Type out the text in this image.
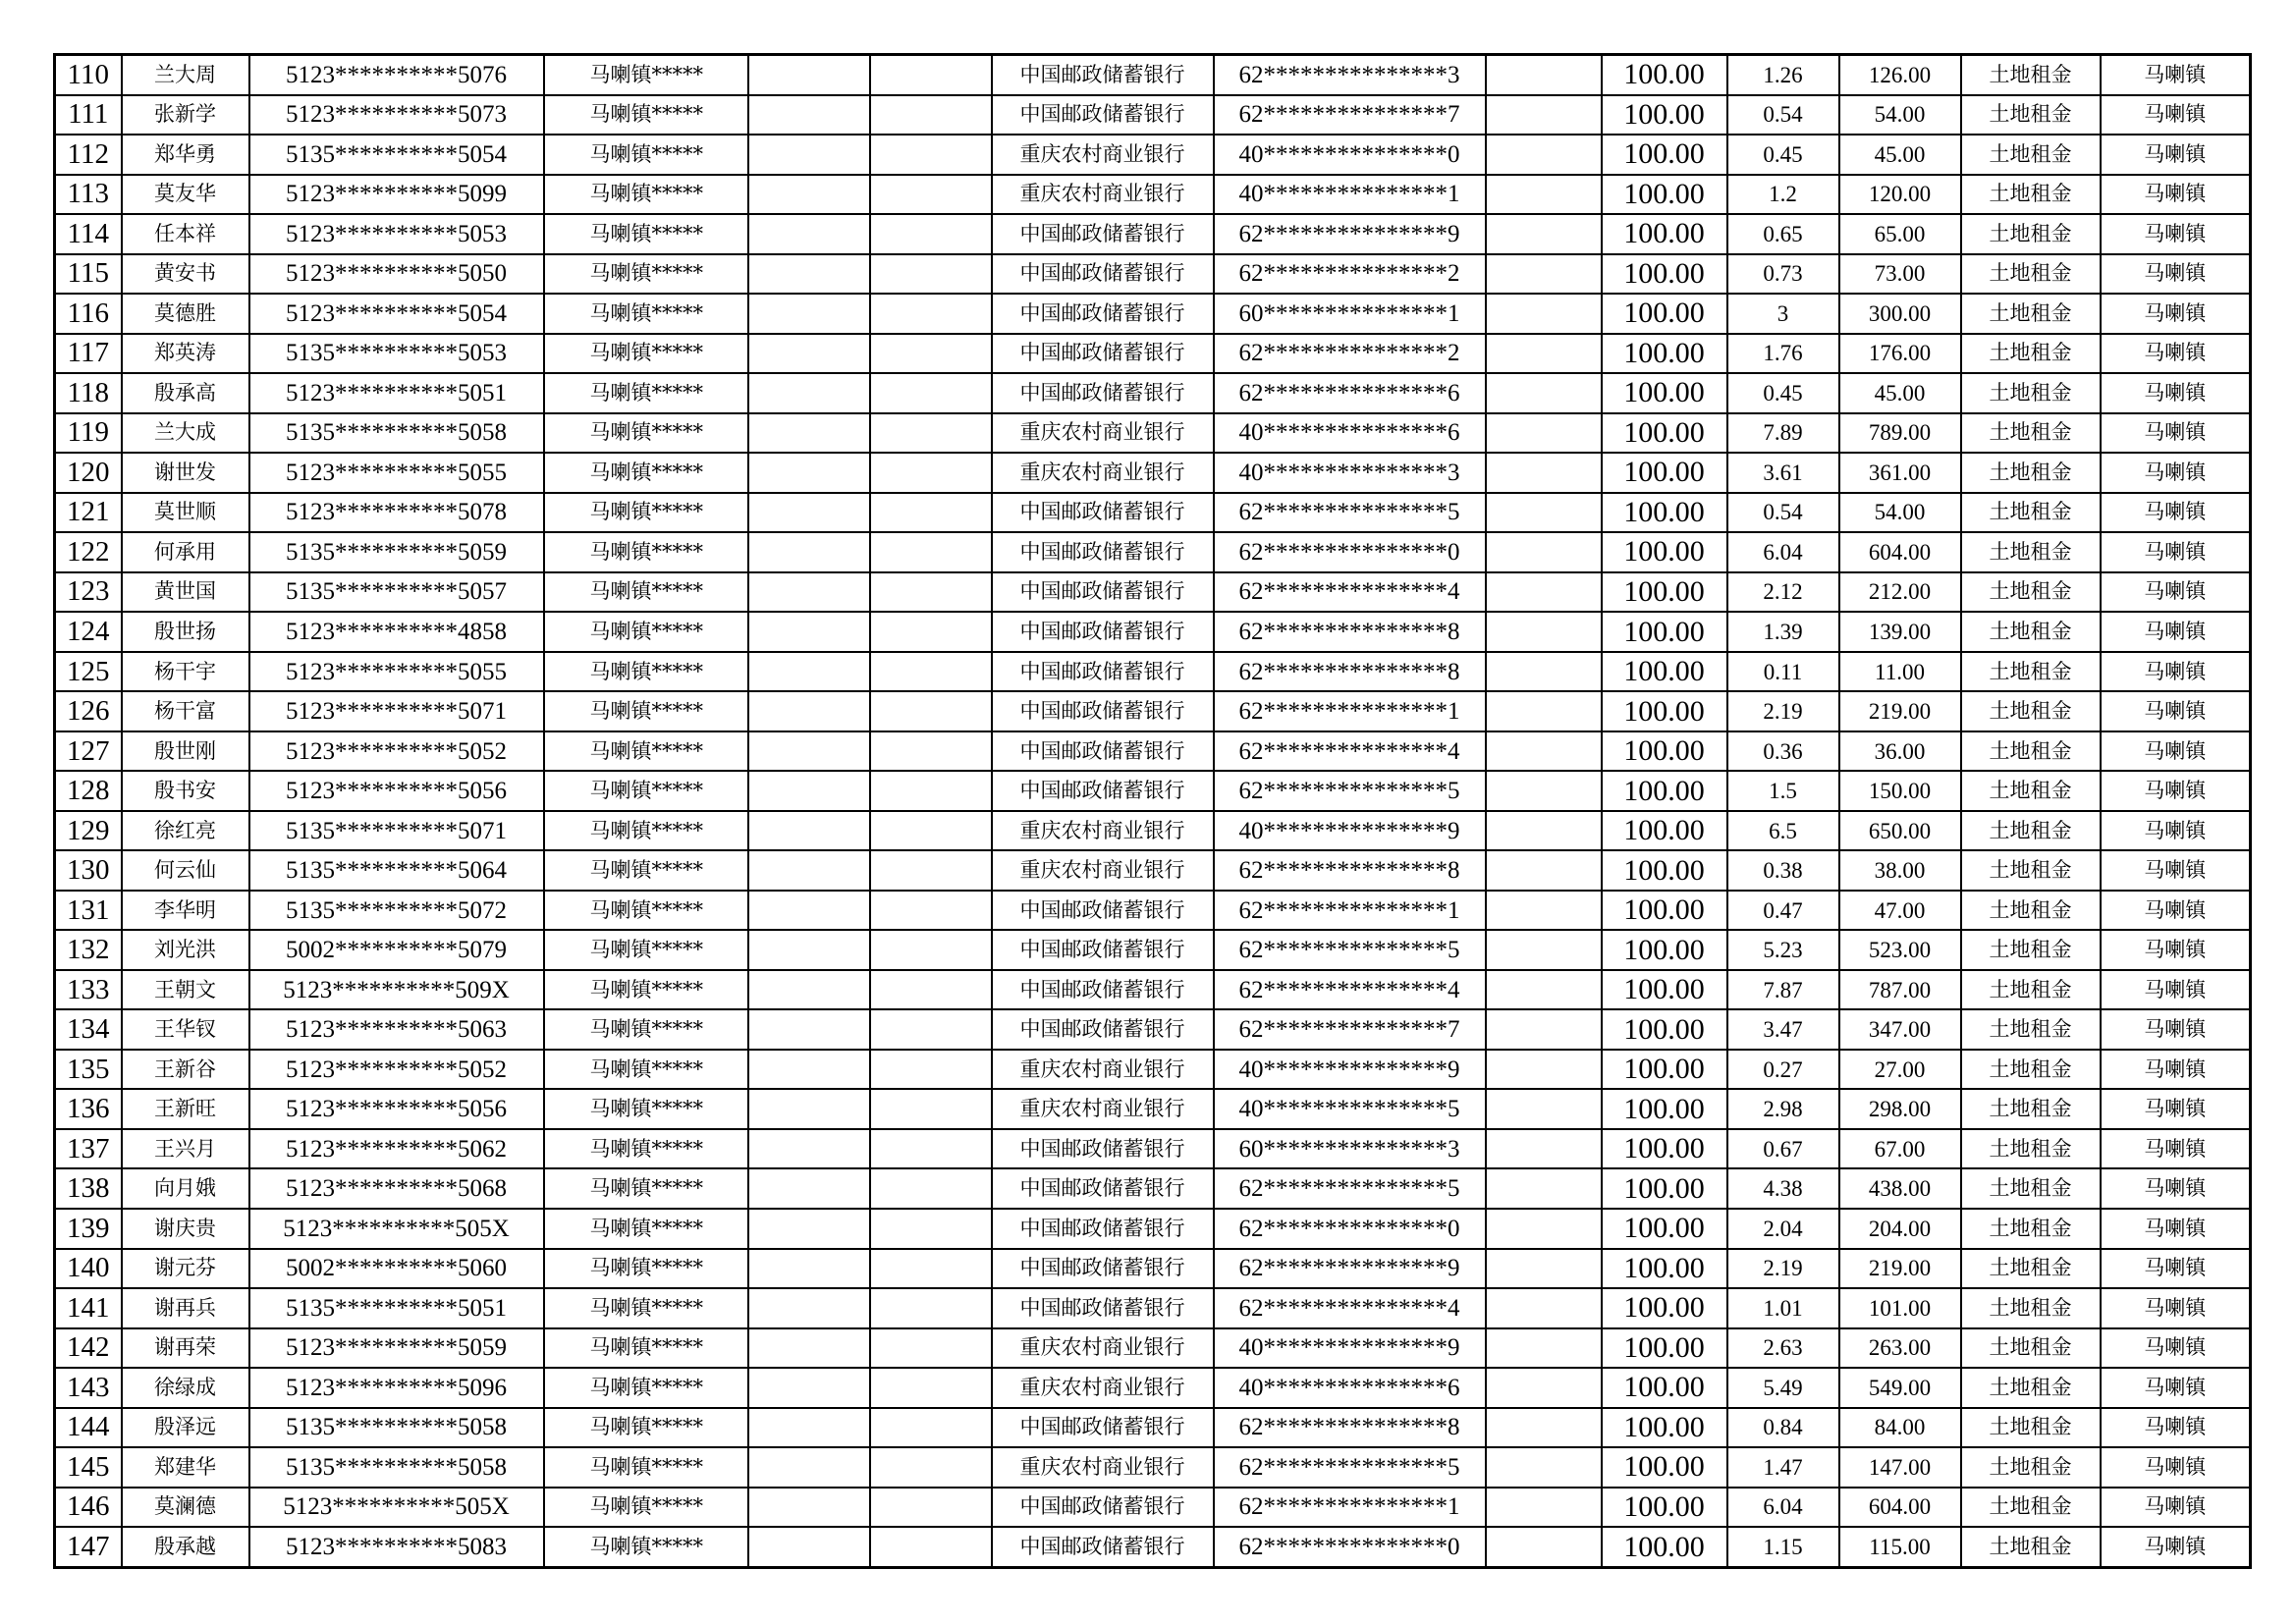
110	兰大周	5123**********5076	马喇镇*****			中国邮政储蓄银行	62***************3		100.00	1.26	126.00	土地租金	马喇镇
111	张新学	5123**********5073	马喇镇*****			中国邮政储蓄银行	62***************7		100.00	0.54	54.00	土地租金	马喇镇
112	郑华勇	5135**********5054	马喇镇*****			重庆农村商业银行	40***************0		100.00	0.45	45.00	土地租金	马喇镇
113	莫友华	5123**********5099	马喇镇*****			重庆农村商业银行	40***************1		100.00	1.2	120.00	土地租金	马喇镇
114	任本祥	5123**********5053	马喇镇*****			中国邮政储蓄银行	62***************9		100.00	0.65	65.00	土地租金	马喇镇
115	黄安书	5123**********5050	马喇镇*****			中国邮政储蓄银行	62***************2		100.00	0.73	73.00	土地租金	马喇镇
116	莫德胜	5123**********5054	马喇镇*****			中国邮政储蓄银行	60***************1		100.00	3	300.00	土地租金	马喇镇
117	郑英涛	5135**********5053	马喇镇*****			中国邮政储蓄银行	62***************2		100.00	1.76	176.00	土地租金	马喇镇
118	殷承高	5123**********5051	马喇镇*****			中国邮政储蓄银行	62***************6		100.00	0.45	45.00	土地租金	马喇镇
119	兰大成	5135**********5058	马喇镇*****			重庆农村商业银行	40***************6		100.00	7.89	789.00	土地租金	马喇镇
120	谢世发	5123**********5055	马喇镇*****			重庆农村商业银行	40***************3		100.00	3.61	361.00	土地租金	马喇镇
121	莫世顺	5123**********5078	马喇镇*****			中国邮政储蓄银行	62***************5		100.00	0.54	54.00	土地租金	马喇镇
122	何承用	5135**********5059	马喇镇*****			中国邮政储蓄银行	62***************0		100.00	6.04	604.00	土地租金	马喇镇
123	黄世国	5135**********5057	马喇镇*****			中国邮政储蓄银行	62***************4		100.00	2.12	212.00	土地租金	马喇镇
124	殷世扬	5123**********4858	马喇镇*****			中国邮政储蓄银行	62***************8		100.00	1.39	139.00	土地租金	马喇镇
125	杨干宇	5123**********5055	马喇镇*****			中国邮政储蓄银行	62***************8		100.00	0.11	11.00	土地租金	马喇镇
126	杨干富	5123**********5071	马喇镇*****			中国邮政储蓄银行	62***************1		100.00	2.19	219.00	土地租金	马喇镇
127	殷世刚	5123**********5052	马喇镇*****			中国邮政储蓄银行	62***************4		100.00	0.36	36.00	土地租金	马喇镇
128	殷书安	5123**********5056	马喇镇*****			中国邮政储蓄银行	62***************5		100.00	1.5	150.00	土地租金	马喇镇
129	徐红亮	5135**********5071	马喇镇*****			重庆农村商业银行	40***************9		100.00	6.5	650.00	土地租金	马喇镇
130	何云仙	5135**********5064	马喇镇*****			重庆农村商业银行	62***************8		100.00	0.38	38.00	土地租金	马喇镇
131	李华明	5135**********5072	马喇镇*****			中国邮政储蓄银行	62***************1		100.00	0.47	47.00	土地租金	马喇镇
132	刘光洪	5002**********5079	马喇镇*****			中国邮政储蓄银行	62***************5		100.00	5.23	523.00	土地租金	马喇镇
133	王朝文	5123**********509X	马喇镇*****			中国邮政储蓄银行	62***************4		100.00	7.87	787.00	土地租金	马喇镇
134	王华钗	5123**********5063	马喇镇*****			中国邮政储蓄银行	62***************7		100.00	3.47	347.00	土地租金	马喇镇
135	王新谷	5123**********5052	马喇镇*****			重庆农村商业银行	40***************9		100.00	0.27	27.00	土地租金	马喇镇
136	王新旺	5123**********5056	马喇镇*****			重庆农村商业银行	40***************5		100.00	2.98	298.00	土地租金	马喇镇
137	王兴月	5123**********5062	马喇镇*****			中国邮政储蓄银行	60***************3		100.00	0.67	67.00	土地租金	马喇镇
138	向月娥	5123**********5068	马喇镇*****			中国邮政储蓄银行	62***************5		100.00	4.38	438.00	土地租金	马喇镇
139	谢庆贵	5123**********505X	马喇镇*****			中国邮政储蓄银行	62***************0		100.00	2.04	204.00	土地租金	马喇镇
140	谢元芬	5002**********5060	马喇镇*****			中国邮政储蓄银行	62***************9		100.00	2.19	219.00	土地租金	马喇镇
141	谢再兵	5135**********5051	马喇镇*****			中国邮政储蓄银行	62***************4		100.00	1.01	101.00	土地租金	马喇镇
142	谢再荣	5123**********5059	马喇镇*****			重庆农村商业银行	40***************9		100.00	2.63	263.00	土地租金	马喇镇
143	徐绿成	5123**********5096	马喇镇*****			重庆农村商业银行	40***************6		100.00	5.49	549.00	土地租金	马喇镇
144	殷泽远	5135**********5058	马喇镇*****			中国邮政储蓄银行	62***************8		100.00	0.84	84.00	土地租金	马喇镇
145	郑建华	5135**********5058	马喇镇*****			重庆农村商业银行	62***************5		100.00	1.47	147.00	土地租金	马喇镇
146	莫澜德	5123**********505X	马喇镇*****			中国邮政储蓄银行	62***************1		100.00	6.04	604.00	土地租金	马喇镇
147	殷承越	5123**********5083	马喇镇*****			中国邮政储蓄银行	62***************0		100.00	1.15	115.00	土地租金	马喇镇
